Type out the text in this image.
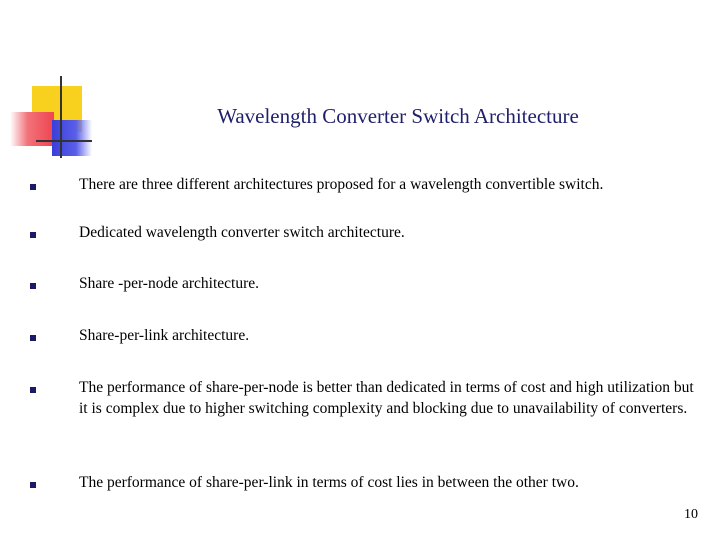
Wavelength Converter Switch Architecture
There are three different architectures proposed for a wavelength convertible switch.
Dedicated wavelength converter switch architecture.
Share -per-node architecture.
Share-per-link architecture.
The performance of share-per-node is better than dedicated in terms of cost and high utilization but it is complex due to higher switching complexity and blocking due to unavailability of converters.
The performance of share-per-link in terms of cost lies in between the other two.
10
